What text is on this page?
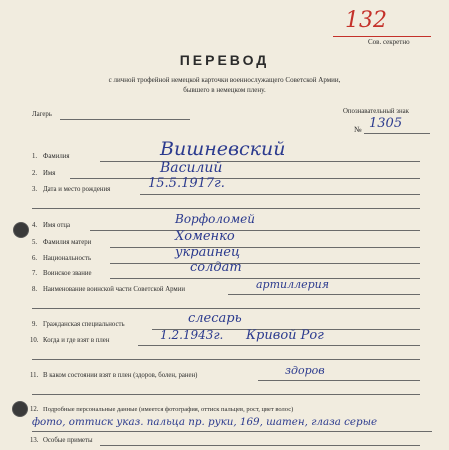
132
Сов. секретно
ПЕРЕВОД
с личной трофейной немецкой карточки военнослужащего Советской Армии,
бывшего в немецком плену.
Лагерь	Опознавательный знак
№ 1305
1. Фамилия	Вишневский
2. Имя	Василий
3. Дата и место рождения	15.5.1917г.
4. Имя отца	Ворфоломей
5. Фамилия матери	Хоменко
6. Национальность	украинец
7. Воинское звание	солдат
8. Наименование воинской части Советской Армии	артиллерия
9. Гражданская специальность	слесарь
10. Когда и где взят в плен	1.2.1943г. Кривой Рог
11. В каком состоянии взят в плен (здоров, болен, ранен)	здоров
12. Подробные персональные данные (имеется фотография, оттиск пальцев, рост, цвет волос)
фото, оттиск указ. пальца пр. руки, 169, шатен, глаза серые
13. Особые приметы
